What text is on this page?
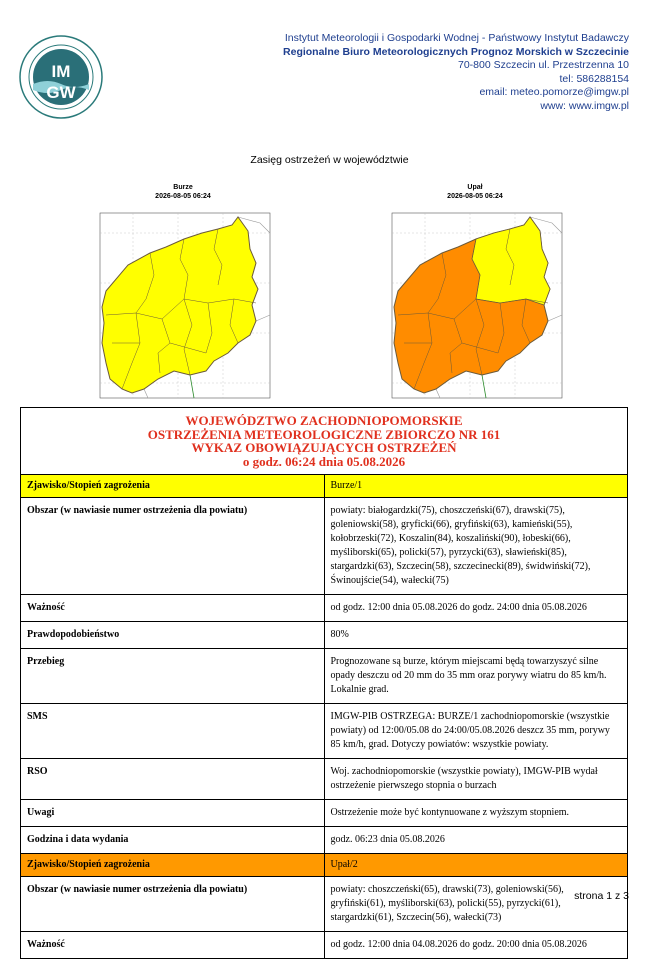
IM
GW
Instytut Meteorologii i Gospodarki Wodnej - Państwowy Instytut Badawczy
Regionalne Biuro Meteorologicznych Prognoz Morskich w Szczecinie
70-800 Szczecin ul. Przestrzenna 10
tel: 586288154
email: meteo.pomorze@imgw.pl
www: www.imgw.pl
Zasięg ostrzeżeń w województwie
Burze
2026-08-05 06:24
Upał
2026-08-05 06:24
WOJEWÓDZTWO ZACHODNIOPOMORSKIE
OSTRZEŻENIA METEOROLOGICZNE ZBIORCZO NR 161
WYKAZ OBOWIĄZUJĄCYCH OSTRZEŻEŃ
o godz. 06:24 dnia 05.08.2026	

Zjawisko/Stopień zagrożenia	Burze/1
Obszar (w nawiasie numer ostrzeżenia dla powiatu)	powiaty: białogardzki(75), choszczeński(67), drawski(75), goleniowski(58), gryficki(66), gryfiński(63), kamieński(55), kołobrzeski(72), Koszalin(84), koszaliński(90), łobeski(66), myśliborski(65), policki(57), pyrzycki(63), sławieński(85), stargardzki(63), Szczecin(58), szczecinecki(89), świdwiński(72), Świnoujście(54), wałecki(75)
Ważność	od godz. 12:00 dnia 05.08.2026 do godz. 24:00 dnia 05.08.2026
Prawdopodobieństwo	80%
Przebieg	Prognozowane są burze, którym miejscami będą towarzyszyć silne opady deszczu od 20 mm do 35 mm oraz porywy wiatru do 85 km/h. Lokalnie grad.
SMS	IMGW-PIB OSTRZEGA: BURZE/1 zachodniopomorskie (wszystkie powiaty) od 12:00/05.08 do 24:00/05.08.2026 deszcz 35 mm, porywy 85 km/h, grad. Dotyczy powiatów: wszystkie powiaty.
RSO	Woj. zachodniopomorskie (wszystkie powiaty), IMGW-PIB wydał ostrzeżenie pierwszego stopnia o burzach
Uwagi	Ostrzeżenie może być kontynuowane z wyższym stopniem.
Godzina i data wydania	godz. 06:23 dnia 05.08.2026
Zjawisko/Stopień zagrożenia	Upał/2
Obszar (w nawiasie numer ostrzeżenia dla powiatu)	powiaty: choszczeński(65), drawski(73), goleniowski(56), gryfiński(61), myśliborski(63), policki(55), pyrzycki(61), stargardzki(61), Szczecin(56), wałecki(73)
Ważność	od godz. 12:00 dnia 04.08.2026 do godz. 20:00 dnia 05.08.2026
strona 1 z 3
